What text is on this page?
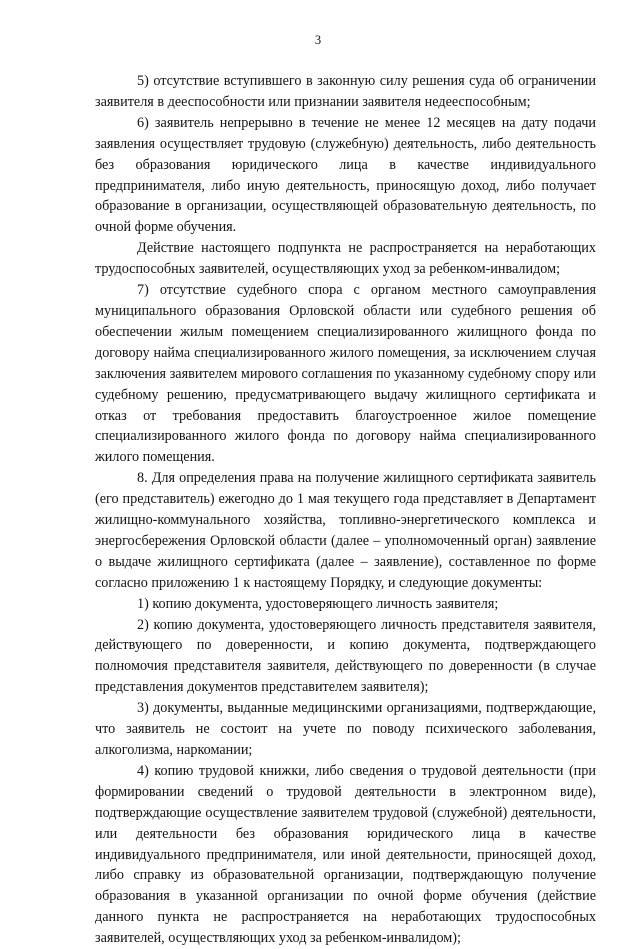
3

5) отсутствие вступившего в законную силу решения суда об ограничении заявителя в дееспособности или признании заявителя недееспособным;

6) заявитель непрерывно в течение не менее 12 месяцев на дату подачи заявления осуществляет трудовую (служебную) деятельность, либо деятельность без образования юридического лица в качестве индивидуального предпринимателя, либо иную деятельность, приносящую доход, либо получает образование в организации, осуществляющей образовательную деятельность, по очной форме обучения.

Действие настоящего подпункта не распространяется на неработающих трудоспособных заявителей, осуществляющих уход за ребенком-инвалидом;

7) отсутствие судебного спора с органом местного самоуправления муниципального образования Орловской области или судебного решения об обеспечении жилым помещением специализированного жилищного фонда по договору найма специализированного жилого помещения, за исключением случая заключения заявителем мирового соглашения по указанному судебному спору или судебному решению, предусматривающего выдачу жилищного сертификата и отказ от требования предоставить благоустроенное жилое помещение специализированного жилого фонда по договору найма специализированного жилого помещения.

8. Для определения права на получение жилищного сертификата заявитель (его представитель) ежегодно до 1 мая текущего года представляет в Департамент жилищно-коммунального хозяйства, топливно-энергетического комплекса и энергосбережения Орловской области (далее – уполномоченный орган) заявление о выдаче жилищного сертификата (далее – заявление), составленное по форме согласно приложению 1 к настоящему Порядку, и следующие документы:

1) копию документа, удостоверяющего личность заявителя;

2) копию документа, удостоверяющего личность представителя заявителя, действующего по доверенности, и копию документа, подтверждающего полномочия представителя заявителя, действующего по доверенности (в случае представления документов представителем заявителя);

3) документы, выданные медицинскими организациями, подтверждающие, что заявитель не состоит на учете по поводу психического заболевания, алкоголизма, наркомании;

4) копию трудовой книжки, либо сведения о трудовой деятельности (при формировании сведений о трудовой деятельности в электронном виде), подтверждающие осуществление заявителем трудовой (служебной) деятельности, или деятельности без образования юридического лица в качестве индивидуального предпринимателя, или иной деятельности, приносящей доход, либо справку из образовательной организации, подтверждающую получение образования в указанной организации по очной форме обучения (действие данного пункта не распространяется на неработающих трудоспособных заявителей, осуществляющих уход за ребенком-инвалидом);
